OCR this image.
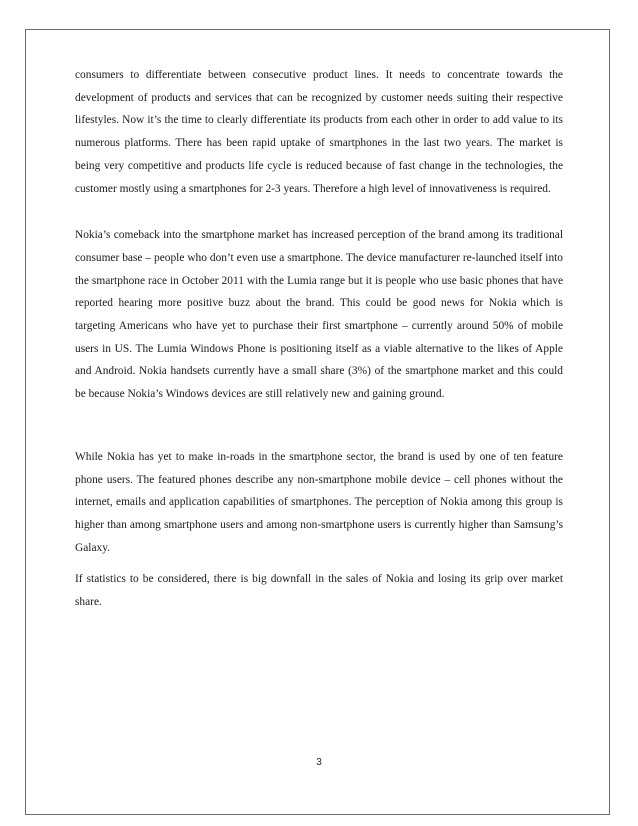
consumers to differentiate between consecutive product lines. It needs to concentrate towards the development of products and services that can be recognized by customer needs suiting their respective lifestyles. Now it’s the time to clearly differentiate its products from each other in order to add value to its numerous platforms. There has been rapid uptake of smartphones in the last two years. The market is being very competitive and products life cycle is reduced because of fast change in the technologies, the customer mostly using a smartphones for 2-3 years. Therefore a high level of innovativeness is required.

Nokia’s comeback into the smartphone market has increased perception of the brand among its traditional consumer base – people who don’t even use a smartphone. The device manufacturer re-launched itself into the smartphone race in October 2011 with the Lumia range but it is people who use basic phones that have reported hearing more positive buzz about the brand. This could be good news for Nokia which is targeting Americans who have yet to purchase their first smartphone – currently around 50% of mobile users in US. The Lumia Windows Phone is positioning itself as a viable alternative to the likes of Apple and Android. Nokia handsets currently have a small share (3%) of the smartphone market and this could be because Nokia’s Windows devices are still relatively new and gaining ground.

While Nokia has yet to make in-roads in the smartphone sector, the brand is used by one of ten feature phone users. The featured phones describe any non-smartphone mobile device – cell phones without the internet, emails and application capabilities of smartphones. The perception of Nokia among this group is higher than among smartphone users and among non-smartphone users is currently higher than Samsung’s Galaxy.

If statistics to be considered, there is big downfall in the sales of Nokia and losing its grip over market share.

3
